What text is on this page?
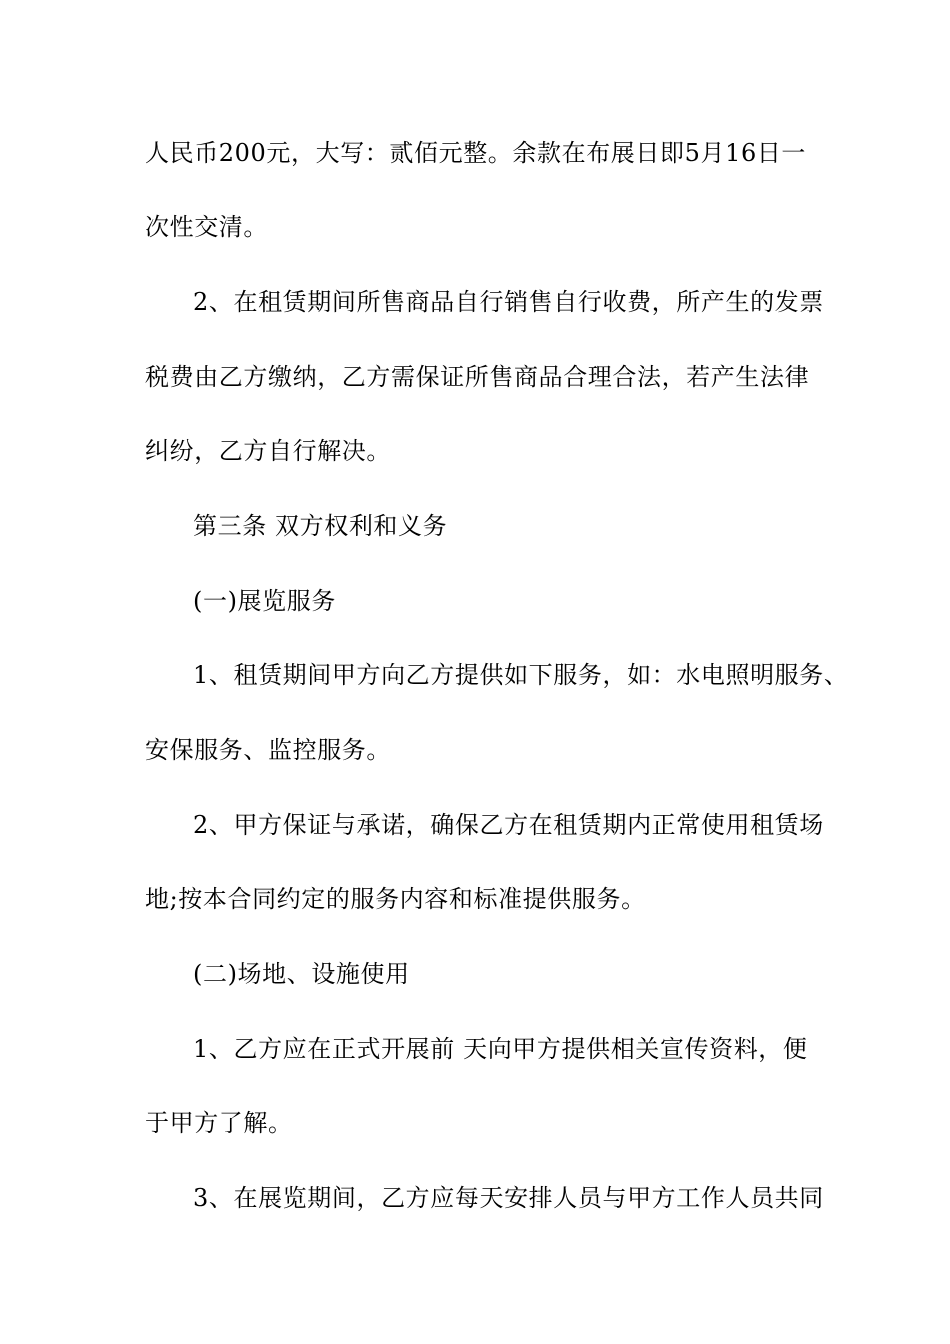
人民币200元，大写：贰佰元整。余款在布展日即5月16日一
次性交清。
2、在租赁期间所售商品自行销售自行收费，所产生的发票
税费由乙方缴纳，乙方需保证所售商品合理合法，若产生法律
纠纷，乙方自行解决。
第三条 双方权利和义务
(一)展览服务
1、租赁期间甲方向乙方提供如下服务，如：水电照明服务、
安保服务、监控服务。
2、甲方保证与承诺，确保乙方在租赁期内正常使用租赁场
地;按本合同约定的服务内容和标准提供服务。
(二)场地、设施使用
1、乙方应在正式开展前 天向甲方提供相关宣传资料，便
于甲方了解。
3、在展览期间，乙方应每天安排人员与甲方工作人员共同
